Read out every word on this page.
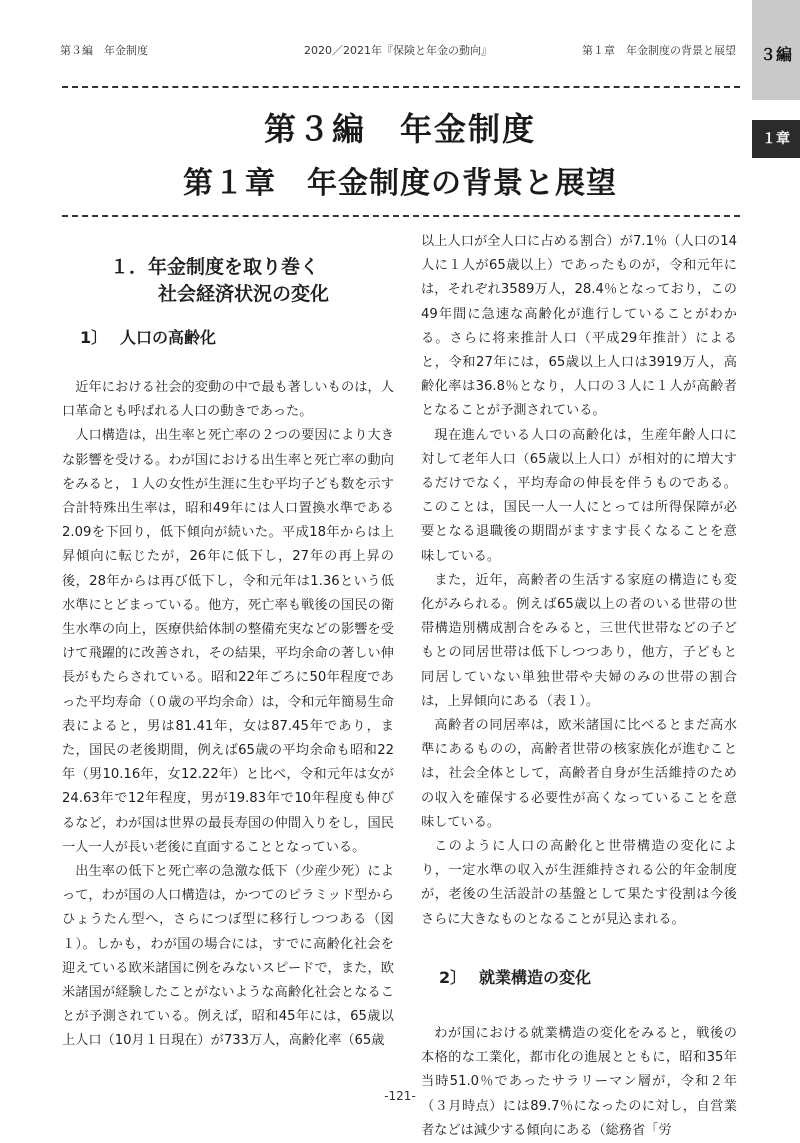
第３編　年金制度	2020／2021年『保険と年金の動向』	第１章　年金制度の背景と展望	３編
１章
第３編　年金制度
第１章　年金制度の背景と展望
１．年金制度を取り巻く
社会経済状況の変化
1〕 人口の高齢化

近年における社会的変動の中で最も著しいものは，人口革命とも呼ばれる人口の動きであった。

人口構造は，出生率と死亡率の２つの要因により大きな影響を受ける。わが国における出生率と死亡率の動向をみると，１人の女性が生涯に生む平均子ども数を示す合計特殊出生率は，昭和49年には人口置換水準である2.09を下回り，低下傾向が続いた。平成18年からは上昇傾向に転じたが，26年に低下し，27年の再上昇の後，28年からは再び低下し，令和元年は1.36という低水準にとどまっている。他方，死亡率も戦後の国民の衛生水準の向上，医療供給体制の整備充実などの影響を受けて飛躍的に改善され，その結果，平均余命の著しい伸長がもたらされている。昭和22年ごろに50年程度であった平均寿命（０歳の平均余命）は，令和元年簡易生命表によると，男は81.41年，女は87.45年であり，また，国民の老後期間，例えば65歳の平均余命も昭和22年（男10.16年，女12.22年）と比べ，令和元年は女が24.63年で12年程度，男が19.83年で10年程度も伸びるなど，わが国は世界の最長寿国の仲間入りをし，国民一人一人が長い老後に直面することとなっている。

出生率の低下と死亡率の急激な低下（少産少死）によって，わが国の人口構造は，かつてのピラミッド型からひょうたん型へ，さらにつぼ型に移行しつつある（図１）。しかも，わが国の場合には，すでに高齢化社会を迎えている欧米諸国に例をみないスピードで，また，欧米諸国が経験したことがないような高齢化社会となることが予測されている。例えば，昭和45年には，65歳以上人口（10月１日現在）が733万人，高齢化率（65歳

以上人口が全人口に占める割合）が7.1％（人口の14人に１人が65歳以上）であったものが，令和元年には，それぞれ3589万人，28.4％となっており，この49年間に急速な高齢化が進行していることがわかる。さらに将来推計人口（平成29年推計）によると，令和27年には，65歳以上人口は3919万人，高齢化率は36.8％となり，人口の３人に１人が高齢者となることが予測されている。

現在進んでいる人口の高齢化は，生産年齢人口に対して老年人口（65歳以上人口）が相対的に増大するだけでなく，平均寿命の伸長を伴うものである。このことは，国民一人一人にとっては所得保障が必要となる退職後の期間がますます長くなることを意味している。

また，近年，高齢者の生活する家庭の構造にも変化がみられる。例えば65歳以上の者のいる世帯の世帯構造別構成割合をみると，三世代世帯などの子どもとの同居世帯は低下しつつあり，他方，子どもと同居していない単独世帯や夫婦のみの世帯の割合は，上昇傾向にある（表１）。

高齢者の同居率は，欧米諸国に比べるとまだ高水準にあるものの，高齢者世帯の核家族化が進むことは，社会全体として，高齢者自身が生活維持のための収入を確保する必要性が高くなっていることを意味している。

このように人口の高齢化と世帯構造の変化により，一定水準の収入が生涯維持される公的年金制度が，老後の生活設計の基盤として果たす役割は今後さらに大きなものとなることが見込まれる。

2〕 就業構造の変化

わが国における就業構造の変化をみると，戦後の本格的な工業化，都市化の進展とともに，昭和35年当時51.0％であったサラリーマン層が，令和２年（３月時点）には89.7％になったのに対し，自営業者などは減少する傾向にある（総務省「労

-121-
